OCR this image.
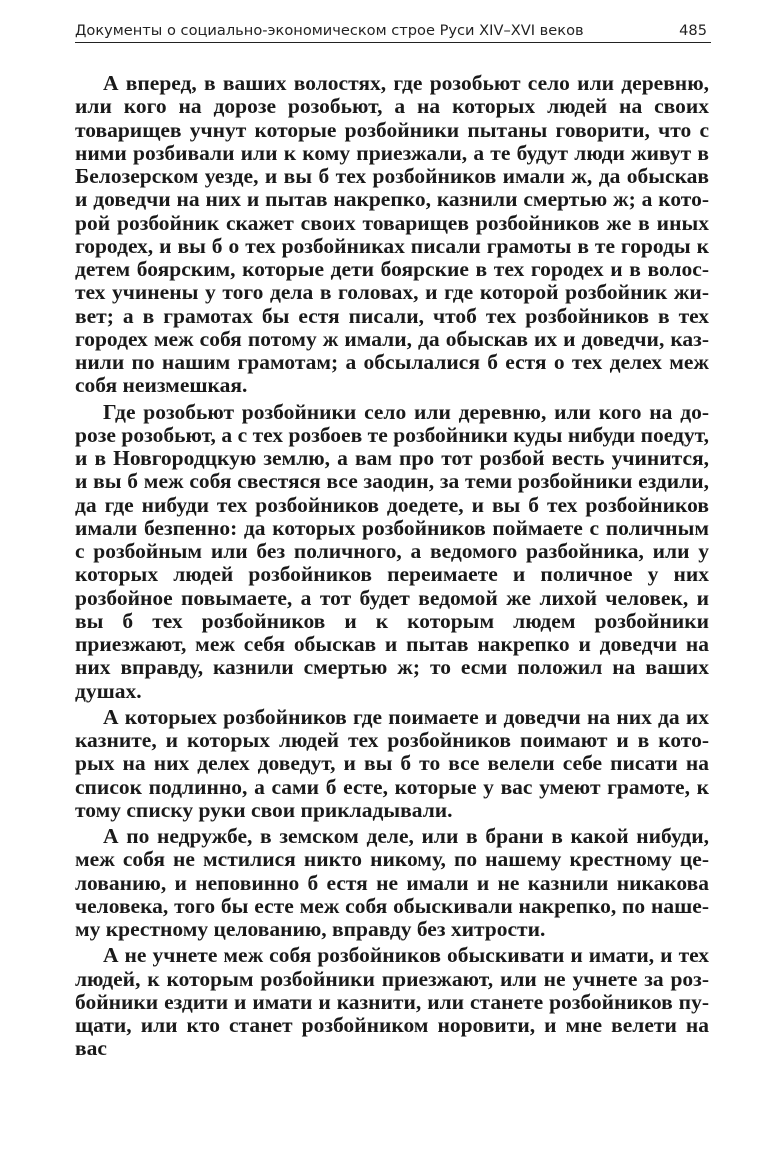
Документы о социально-экономическом строе Руси XIV–XVI веков	485

А вперед, в ваших волостях, где розобьют село или деревню, или кого на дорозе розобьют, а на которых людей на своих товарищев учнут которые розбойники пытаны говорити, что с ними розбивали или к кому приезжали, а те будут люди живут в Белозерском уезде, и вы б тех розбойников имали ж, да обыскав и доведчи на них и пытав накрепко, казнили смертью ж; а которой розбойник скажет своих товарищев розбойников же в иных городех, и вы б о тех розбойниках писали грамоты в те городы к детем боярским, которые дети боярские в тех городех и в волостех учинены у того дела в головах, и где которой розбойник живет; а в грамотах бы естя писали, чтоб тех розбойников в тех городех меж собя потому ж имали, да обыскав их и доведчи, казнили по нашим грамотам; а обсылалися б естя о тех делех меж собя неизмешкая.

Где розобьют розбойники село или деревню, или кого на дорозе розобьют, а с тех розбоев те розбойники куды нибуди поедут, и в Новгородцкую землю, а вам про тот розбой весть учинится, и вы б меж собя свестяся все заодин, за теми розбойники ездили, да где нибуди тех розбойников доедете, и вы б тех розбойников имали безпенно: да которых розбойников поймаете с поличным с розбойным или без поличного, а ведомого разбойника, или у которых людей розбойников переимаете и поличное у них розбойное повымаете, а тот будет ведомой же лихой человек, и вы б тех розбойников и к которым людем розбойники приезжают, меж себя обыскав и пытав накрепко и доведчи на них вправду, казнили смертью ж; то есми положил на ваших душах.

А которыех розбойников где поимаете и доведчи на них да их казните, и которых людей тех розбойников поимают и в которых на них делех доведут, и вы б то все велели себе писати на список подлинно, а сами б есте, которые у вас умеют грамоте, к тому списку руки свои прикладывали.

А по недружбе, в земском деле, или в брани в какой нибуди, меж собя не мстилися никто никому, по нашему крестному целованию, и неповинно б естя не имали и не казнили никакова человека, того бы есте меж собя обыскивали накрепко, по нашему крестному целованию, вправду без хитрости.

А не учнете меж собя розбойников обыскивати и имати, и тех людей, к которым розбойники приезжают, или не учнете за розбойники ездити и имати и казнити, или станете розбойников пущати, или кто станет розбойником норовити, и мне велети на вас
